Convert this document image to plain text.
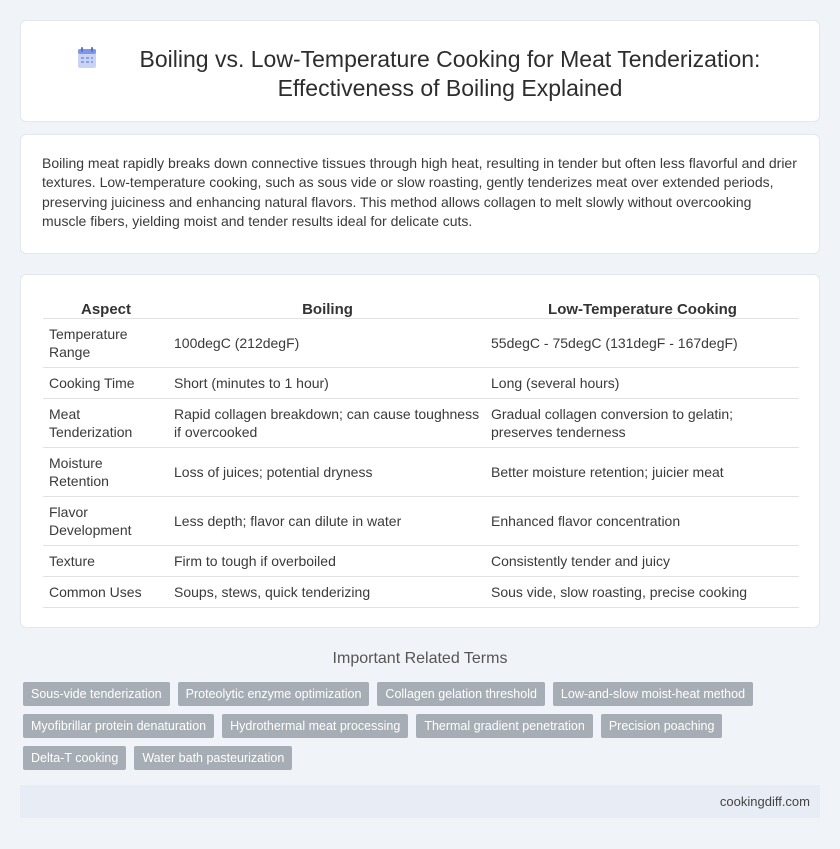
Boiling vs. Low-Temperature Cooking for Meat Tenderization: Effectiveness of Boiling Explained

Boiling meat rapidly breaks down connective tissues through high heat, resulting in tender but often less flavorful and drier textures. Low-temperature cooking, such as sous vide or slow roasting, gently tenderizes meat over extended periods, preserving juiciness and enhancing natural flavors. This method allows collagen to melt slowly without overcooking muscle fibers, yielding moist and tender results ideal for delicate cuts.

Aspect	Boiling	Low-Temperature Cooking
Temperature Range	100degC (212degF)	55degC - 75degC (131degF - 167degF)
Cooking Time	Short (minutes to 1 hour)	Long (several hours)
Meat Tenderization	Rapid collagen breakdown; can cause toughness if overcooked	Gradual collagen conversion to gelatin; preserves tenderness
Moisture Retention	Loss of juices; potential dryness	Better moisture retention; juicier meat
Flavor Development	Less depth; flavor can dilute in water	Enhanced flavor concentration
Texture	Firm to tough if overboiled	Consistently tender and juicy
Common Uses	Soups, stews, quick tenderizing	Sous vide, slow roasting, precise cooking
Important Related Terms
Sous-vide tenderization	Proteolytic enzyme optimization	Collagen gelation threshold	Low-and-slow moist-heat method
Myofibrillar protein denaturation	Hydrothermal meat processing	Thermal gradient penetration	Precision poaching
Delta-T cooking	Water bath pasteurization
cookingdiff.com
